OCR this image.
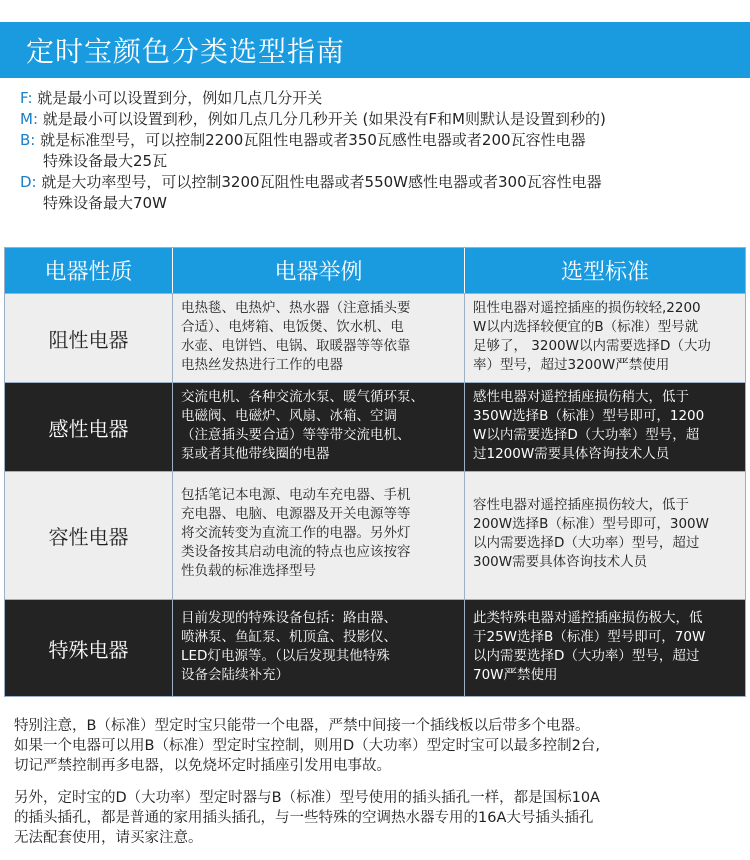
定时宝颜色分类选型指南
F: 就是最小可以设置到分，例如几点几分开关
M: 就是最小可以设置到秒，例如几点几分几秒开关 (如果没有F和M则默认是设置到秒的)
B: 就是标准型号，可以控制2200瓦阻性电器或者350瓦感性电器或者200瓦容性电器
特殊设备最大25瓦
D: 就是大功率型号，可以控制3200瓦阻性电器或者550W感性电器或者300瓦容性电器
特殊设备最大70W
电器性质	电器举例	选型标准
阻性电器
电热毯、电热炉、热水器（注意插头要
合适）、电烤箱、电饭煲、饮水机、电
水壶、电饼铛、电锅、取暖器等等依靠
电热丝发热进行工作的电器
阻性电器对遥控插座的损伤较轻,2200
W以内选择较便宜的B（标准）型号就
足够了， 3200W以内需要选择D（大功
率）型号，超过3200W严禁使用
感性电器
交流电机、各种交流水泵、暖气循环泵、
电磁阀、电磁炉、风扇、冰箱、空调
（注意插头要合适）等等带交流电机、
泵或者其他带线圈的电器
感性电器对遥控插座损伤稍大，低于
350W选择B（标准）型号即可，1200
W以内需要选择D（大功率）型号，超
过1200W需要具体咨询技术人员
容性电器
包括笔记本电源、电动车充电器、手机
充电器、电脑、电源器及开关电源等等
将交流转变为直流工作的电器。另外灯
类设备按其启动电流的特点也应该按容
性负载的标准选择型号
容性电器对遥控插座损伤较大，低于
200W选择B（标准）型号即可，300W
以内需要选择D（大功率）型号，超过
300W需要具体咨询技术人员
特殊电器
目前发现的特殊设备包括：路由器、
喷淋泵、鱼缸泵、机顶盒、投影仪、
LED灯电源等。（以后发现其他特殊
设备会陆续补充）
此类特殊电器对遥控插座损伤极大，低
于25W选择B（标准）型号即可，70W
以内需要选择D（大功率）型号，超过
70W严禁使用
特别注意，B（标准）型定时宝只能带一个电器，严禁中间接一个插线板以后带多个电器。
如果一个电器可以用B（标准）型定时宝控制，则用D（大功率）型定时宝可以最多控制2台,
切记严禁控制再多电器，以免烧坏定时插座引发用电事故。
另外，定时宝的D（大功率）型定时器与B（标准）型号使用的插头插孔一样，都是国标10A
的插头插孔，都是普通的家用插头插孔，与一些特殊的空调热水器专用的16A大号插头插孔
无法配套使用，请买家注意。
